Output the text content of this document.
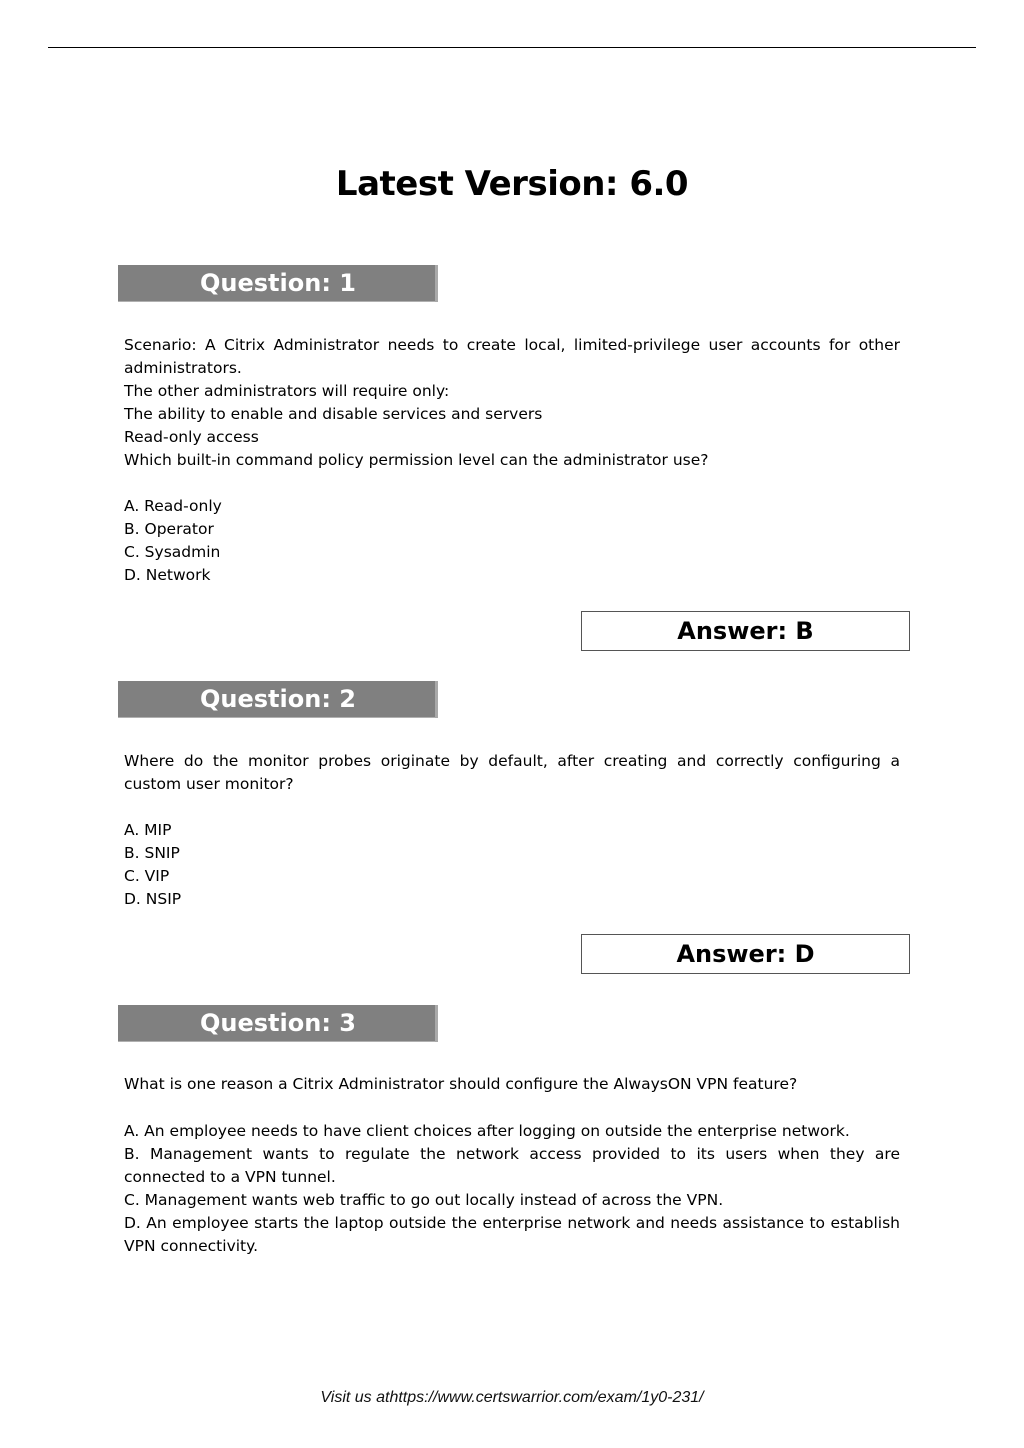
Latest Version: 6.0
Question: 1
Scenario: A Citrix Administrator needs to create local, limited-privilege user accounts for other administrators.
The other administrators will require only:
The ability to enable and disable services and servers
Read-only access
Which built-in command policy permission level can the administrator use?
A. Read-only
B. Operator
C. Sysadmin
D. Network
Answer: B
Question: 2
Where do the monitor probes originate by default, after creating and correctly configuring a custom user monitor?
A. MIP
B. SNIP
C. VIP
D. NSIP
Answer: D
Question: 3
What is one reason a Citrix Administrator should configure the AlwaysON VPN feature?
A. An employee needs to have client choices after logging on outside the enterprise network.
B. Management wants to regulate the network access provided to its users when they are connected to a VPN tunnel.
C. Management wants web traffic to go out locally instead of across the VPN.
D. An employee starts the laptop outside the enterprise network and needs assistance to establish VPN connectivity.
Visit us athttps://www.certswarrior.com/exam/1y0-231/
